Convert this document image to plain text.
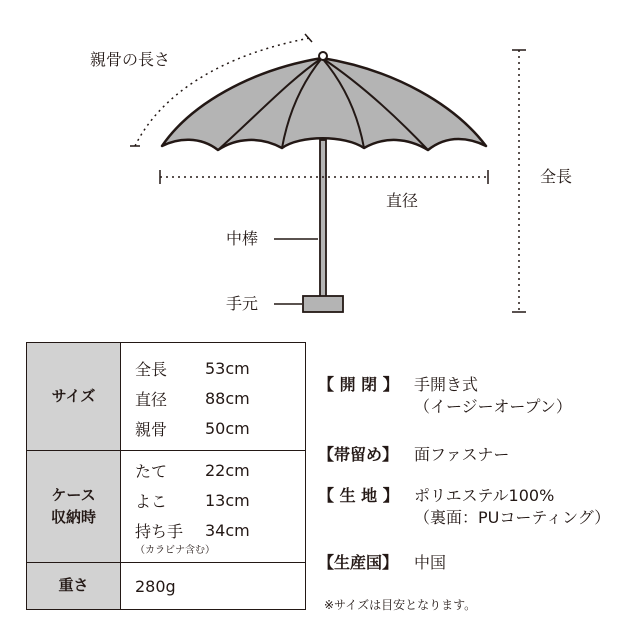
親骨の長さ
全長
直径
中棒
手元
サイズ
全長	53cm
直径	88cm
親骨	50cm
ケース
収納時
たて	22cm
よこ	13cm
持ち手	34cm
（カラビナ含む）
重さ	280g
【 開 閉 】 手開き式
（イージーオープン）
【帯留め】 面ファスナー
【 生 地 】 ポリエステル100%
（裏面：PUコーティング）
【生産国】 中国
※サイズは目安となります。
